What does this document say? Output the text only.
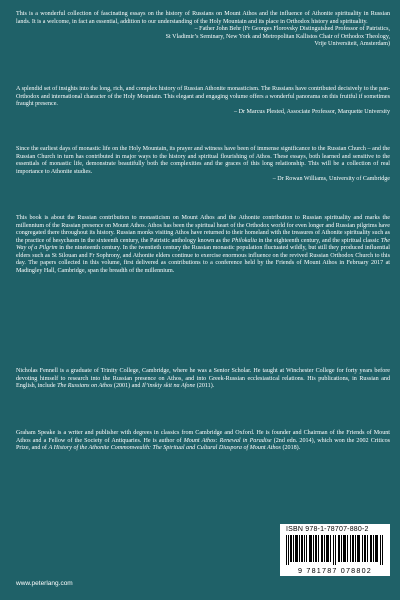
This is a wonderful collection of fascinating essays on the history of Russians on Mount Athos and the influence of Athonite spirituality in Russian lands. It is a welcome, in fact an essential, addition to our understanding of the Holy Mountain and its place in Orthodox history and spirituality.

– Father John Behr (Fr Georges Florovsky Distinguished Professor of Patristics,

St Vladimir’s Seminary, New York and Metropolitan Kallistos Chair of Orthodox Theology,

Vrije Universiteit, Amsterdam)

A splendid set of insights into the long, rich, and complex history of Russian Athonite monasticism. The Russians have contributed decisively to the pan-Orthodox and international character of the Holy Mountain. This elegant and engaging volume offers a wonderful panorama on this fruitful if sometimes fraught presence.

– Dr Marcus Plested, Associate Professor, Marquette University

Since the earliest days of monastic life on the Holy Mountain, its prayer and witness have been of immense significance to the Russian Church – and the Russian Church in turn has contributed in major ways to the history and spiritual flourishing of Athos. These essays, both learned and sensitive to the essentials of monastic life, demonstrate beautifully both the complexities and the graces of this long relationship. This will be a collection of real importance to Athonite studies.

– Dr Rowan Williams, University of Cambridge

This book is about the Russian contribution to monasticism on Mount Athos and the Athonite contribution to Russian spirituality and marks the millennium of the Russian presence on Mount Athos. Athos has been the spiritual heart of the Orthodox world for even longer and Russian pilgrims have congregated there throughout its history. Russian monks visiting Athos have returned to their homeland with the treasures of Athonite spirituality such as the practice of hesychasm in the sixteenth century, the Patristic anthology known as the Philokalia in the eighteenth century, and the spiritual classic The Way of a Pilgrim in the nineteenth century. In the twentieth century the Russian monastic population fluctuated wildly, but still they produced influential elders such as St Silouan and Fr Sophrony, and Athonite elders continue to exercise enormous influence on the revived Russian Orthodox Church to this day. The papers collected in this volume, first delivered as contributions to a conference held by the Friends of Mount Athos in February 2017 at Madingley Hall, Cambridge, span the breadth of the millennium.
Nicholas Fennell is a graduate of Trinity College, Cambridge, where he was a Senior Scholar. He taught at Winchester College for forty years before devoting himself to research into the Russian presence on Athos, and into Greek-Russian ecclesiastical relations. His publications, in Russian and English, include The Russians on Athos (2001) and Il’inskiy skit na Afone (2011).
Graham Speake is a writer and publisher with degrees in classics from Cambridge and Oxford. He is founder and Chairman of the Friends of Mount Athos and a Fellow of the Society of Antiquaries. He is author of Mount Athos: Renewal in Paradise (2nd edn. 2014), which won the 2002 Criticos Prize, and of A History of the Athonite Commonwealth: The Spiritual and Cultural Diaspora of Mount Athos (2018).
ISBN 978-1-78707-880-2
9 781787 078802
www.peterlang.com
